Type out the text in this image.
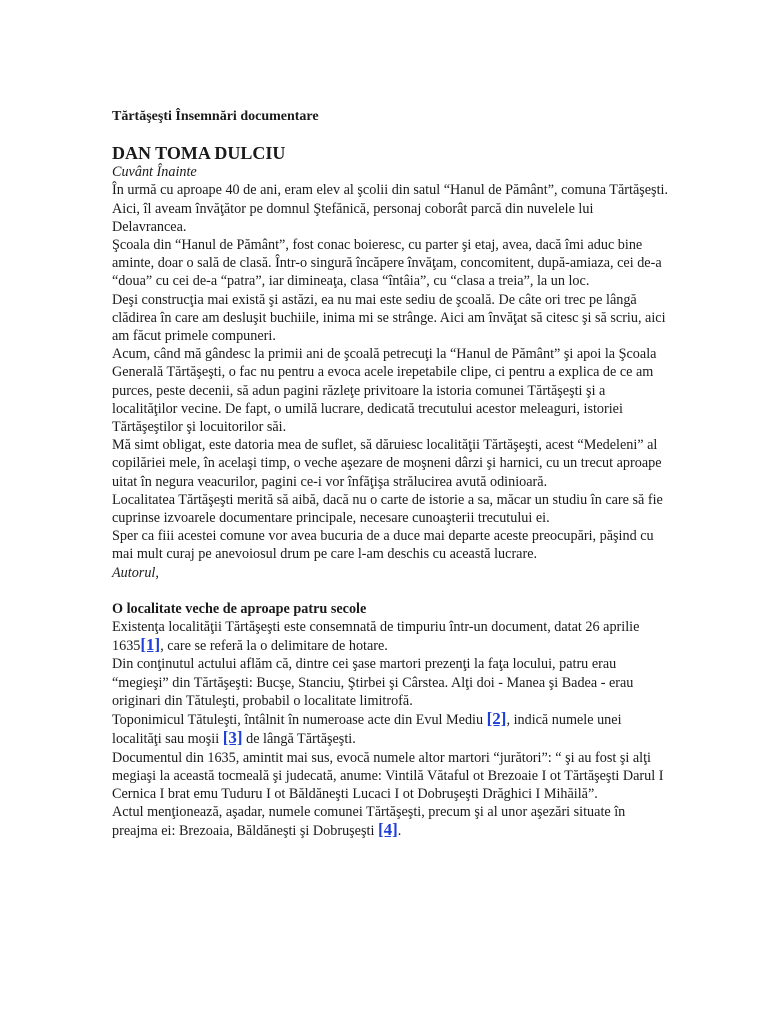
Tărtăşeşti Însemnări documentare

DAN TOMA DULCIU

Cuvânt Înainte

În urmă cu aproape 40 de ani, eram elev al şcolii din satul “Hanul de Pământ”, comuna Tărtăşeşti. Aici, îl aveam învăţător pe domnul Ştefănică, personaj coborât parcă din nuvelele lui Delavrancea.

Şcoala din “Hanul de Pământ”, fost conac boieresc, cu parter şi etaj, avea, dacă îmi aduc bine aminte, doar o sală de clasă. Într-o singură încăpere învăţam, concomitent, după-amiaza, cei de-a “doua” cu cei de-a “patra”, iar dimineaţa, clasa “întâia”, cu “clasa a treia”, la un loc.

Deşi construcţia mai există şi astăzi, ea nu mai este sediu de şcoală. De câte ori trec pe lângă clădirea în care am desluşit buchiile, inima mi se strânge. Aici am învăţat să citesc şi să scriu, aici am făcut primele compuneri.

Acum, când mă gândesc la primii ani de şcoală petrecuţi la “Hanul de Pământ” şi apoi la Şcoala Generală Tărtăşeşti, o fac nu pentru a evoca acele irepetabile clipe, ci pentru a explica de ce am purces, peste decenii, să adun pagini răzleţe privitoare la istoria comunei Tărtăşeşti şi a localităţilor vecine. De fapt, o umilă lucrare, dedicată trecutului acestor meleaguri, istoriei Tărtăşeştilor şi locuitorilor săi.

Mă simt obligat, este datoria mea de suflet, să dăruiesc localităţii Tărtăşeşti, acest “Medeleni” al copilăriei mele, în acelaşi timp, o veche aşezare de moşneni dârzi şi harnici, cu un trecut aproape uitat în negura veacurilor, pagini ce-i vor înfăţişa strălucirea avută odinioară.

Localitatea Tărtăşeşti merită să aibă, dacă nu o carte de istorie a sa, măcar un studiu în care să fie cuprinse izvoarele documentare principale, necesare cunoaşterii trecutului ei.

Sper ca fiii acestei comune vor avea bucuria de a duce mai departe aceste preocupări, păşind cu mai mult curaj pe anevoiosul drum pe care l-am deschis cu această lucrare.

Autorul,

O localitate veche de aproape patru secole

Existenţa localităţii Tărtăşeşti este consemnată de timpuriu într-un document, datat 26 aprilie 1635[1], care se referă la o delimitare de hotare.

Din conţinutul actului aflăm că, dintre cei şase martori prezenţi la faţa locului, patru erau “megieşi” din Tărtăşeşti: Bucşe, Stanciu, Ştirbei şi Cârstea. Alţi doi - Manea şi Badea - erau originari din Tătuleşti, probabil o localitate limitrofă.

Toponimicul Tătuleşti, întâlnit în numeroase acte din Evul Mediu [2], indică numele unei localităţi sau moşii [3] de lângă Tărtăşeşti.

Documentul din 1635, amintit mai sus, evocă numele altor martori “jurători”: “ şi au fost şi alţi megiaşi la această tocmeală şi judecată, anume: Vintilă Vătaful ot Brezoaie I ot Tărtăşeşti Darul I Cernica I brat emu Tuduru I ot Băldăneşti Lucaci I ot Dobruşeşti Drăghici I Mihăilă”.

Actul menţionează, aşadar, numele comunei Tărtăşeşti, precum şi al unor aşezări situate în preajma ei: Brezoaia, Băldăneşti şi Dobruşeşti [4].
